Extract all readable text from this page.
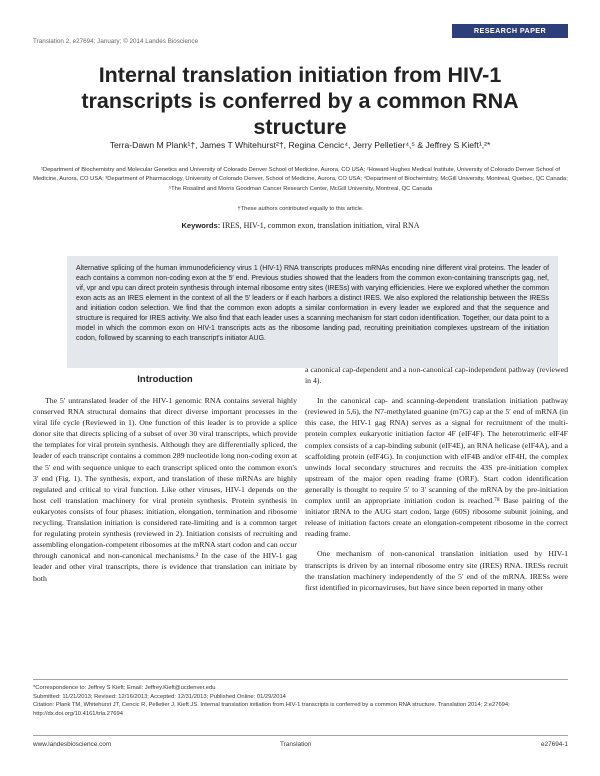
RESEARCH PAPER
Translation 2, e27694; January; © 2014 Landes Bioscience
Internal translation initiation from HIV-1 transcripts is conferred by a common RNA structure
Terra-Dawn M Plank¹†, James T Whitehurst²†, Regina Cencic⁴, Jerry Pelletier⁴,⁵ & Jeffrey S Kieft¹,²*
¹Department of Biochemistry and Molecular Genetics and University of Colorado Denver School of Medicine, Aurora, CO USA; ²Howard Hughes Medical Institute, University of Colorado Denver School of Medicine, Aurora, CO USA; ³Department of Pharmacology, University of Colorado Denver, School of Medicine, Aurora, CO USA; ⁴Department of Biochemistry, McGill University, Montreal, Quebec, QC Canada; ⁵The Rosalind and Morris Goodman Cancer Research Center, McGill University, Montreal, QC Canada
†These authors contributed equally to this article.
Keywords: IRES, HIV-1, common exon, translation initiation, viral RNA
Alternative splicing of the human immunodeficiency virus 1 (HIV-1) RNA transcripts produces mRNAs encoding nine different viral proteins. The leader of each contains a common non-coding exon at the 5′ end. Previous studies showed that the leaders from the common exon-containing transcripts gag, nef, vif, vpr and vpu can direct protein synthesis through internal ribosome entry sites (IRESs) with varying efficiencies. Here we explored whether the common exon acts as an IRES element in the context of all the 5′ leaders or if each harbors a distinct IRES. We also explored the relationship between the IRESs and initiation codon selection. We find that the common exon adopts a similar conformation in every leader we explored and that the sequence and structure is required for IRES activity. We also find that each leader uses a scanning mechanism for start codon identification. Together, our data point to a model in which the common exon on HIV-1 transcripts acts as the ribosome landing pad, recruiting preinitiation complexes upstream of the initiation codon, followed by scanning to each transcript's initiator AUG.
Introduction

The 5′ untranslated leader of the HIV-1 genomic RNA contains several highly conserved RNA structural domains that direct diverse important processes in the viral life cycle (Reviewed in 1). One function of this leader is to provide a splice donor site that directs splicing of a subset of over 30 viral transcripts, which provide the templates for viral protein synthesis. Although they are differentially spliced, the leader of each transcript contains a common 289 nucleotide long non-coding exon at the 5′ end with sequence unique to each transcript spliced onto the common exon's 3′ end (Fig. 1). The synthesis, export, and translation of these mRNAs are highly regulated and critical to viral function. Like other viruses, HIV-1 depends on the host cell translation machinery for viral protein synthesis. Protein synthesis in eukaryotes consists of four phases: initiation, elongation, termination and ribosome recycling. Translation initiation is considered rate-limiting and is a common target for regulating protein synthesis (reviewed in 2). Initiation consists of recruiting and assembling elongation-competent ribosomes at the mRNA start codon and can occur through canonical and non-canonical mechanisms.³ In the case of the HIV-1 gag leader and other viral transcripts, there is evidence that translation can initiate by both

a canonical cap-dependent and a non-canonical cap-independent pathway (reviewed in 4).

In the canonical cap- and scanning-dependent translation initiation pathway (reviewed in 5,6), the N7-methylated guanine (m7G) cap at the 5′ end of mRNA (in this case, the HIV-1 gag RNA) serves as a signal for recruitment of the multi-protein complex eukaryotic initiation factor 4F (eIF4F). The heterotrimeric eIF4F complex consists of a cap-binding subunit (eIF4E), an RNA helicase (eIF4A), and a scaffolding protein (eIF4G). In conjunction with eIF4B and/or eIF4H, the complex unwinds local secondary structures and recruits the 43S pre-initiation complex upstream of the major open reading frame (ORF). Start codon identification generally is thought to require 5′ to 3′ scanning of the mRNA by the pre-initiation complex until an appropriate initiation codon is reached.⁷⁸ Base pairing of the initiator tRNA to the AUG start codon, large (60S) ribosome subunit joining, and release of initiation factors create an elongation-competent ribosome in the correct reading frame.

One mechanism of non-canonical translation initiation used by HIV-1 transcripts is driven by an internal ribosome entry site (IRES) RNA. IRESs recruit the translation machinery independently of the 5′ end of the mRNA. IRESs were first identified in picornaviruses, but have since been reported in many other

*Correspondence to: Jeffrey S Kieft; Email: Jeffrey.Kieft@ucdenver.edu
Submitted: 11/21/2013; Revised: 12/16/2013; Accepted: 12/31/2013; Published Online: 01/29/2014
Citation: Plank TM, Whitehurst JT, Cencic R, Pelletier J, Kieft JS. Internal translation initiation from HIV-1 transcripts is conferred by a common RNA structure. Translation 2014; 2:e27694; http://dx.doi.org/10.4161/trla.27694
www.landesbioscience.com	Translation	e27694-1
